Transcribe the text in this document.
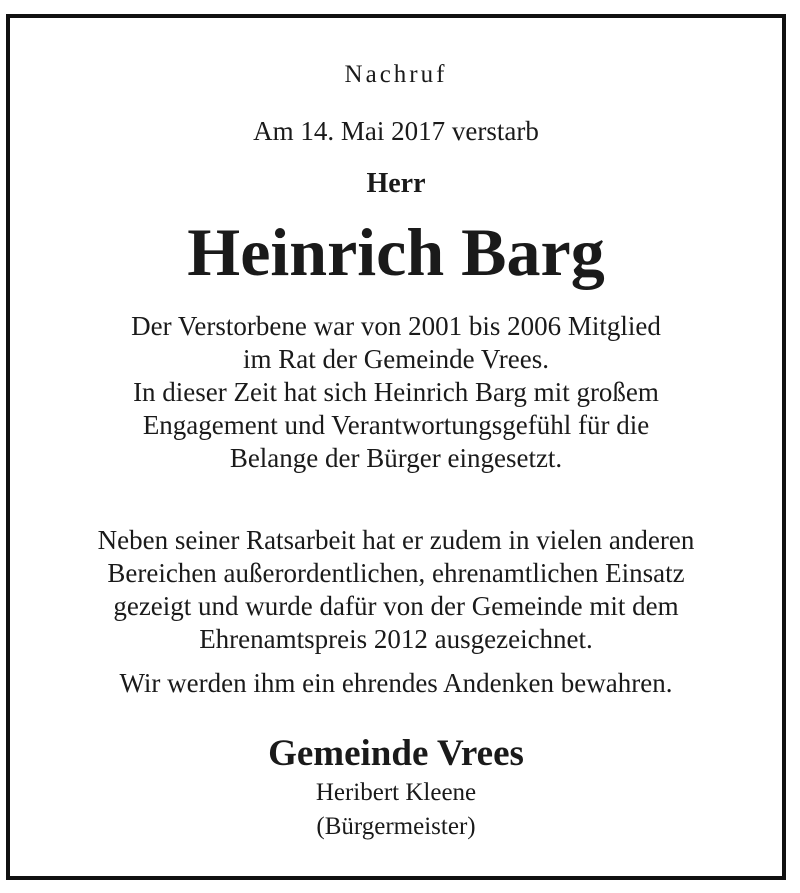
Nachruf
Am 14. Mai 2017 verstarb
Herr
Heinrich Barg
Der Verstorbene war von 2001 bis 2006 Mitglied
im Rat der Gemeinde Vrees.
In dieser Zeit hat sich Heinrich Barg mit großem
Engagement und Verantwortungsgefühl für die
Belange der Bürger eingesetzt.
Neben seiner Ratsarbeit hat er zudem in vielen anderen
Bereichen außerordentlichen, ehrenamtlichen Einsatz
gezeigt und wurde dafür von der Gemeinde mit dem
Ehrenamtspreis 2012 ausgezeichnet.
Wir werden ihm ein ehrendes Andenken bewahren.
Gemeinde Vrees
Heribert Kleene
(Bürgermeister)
